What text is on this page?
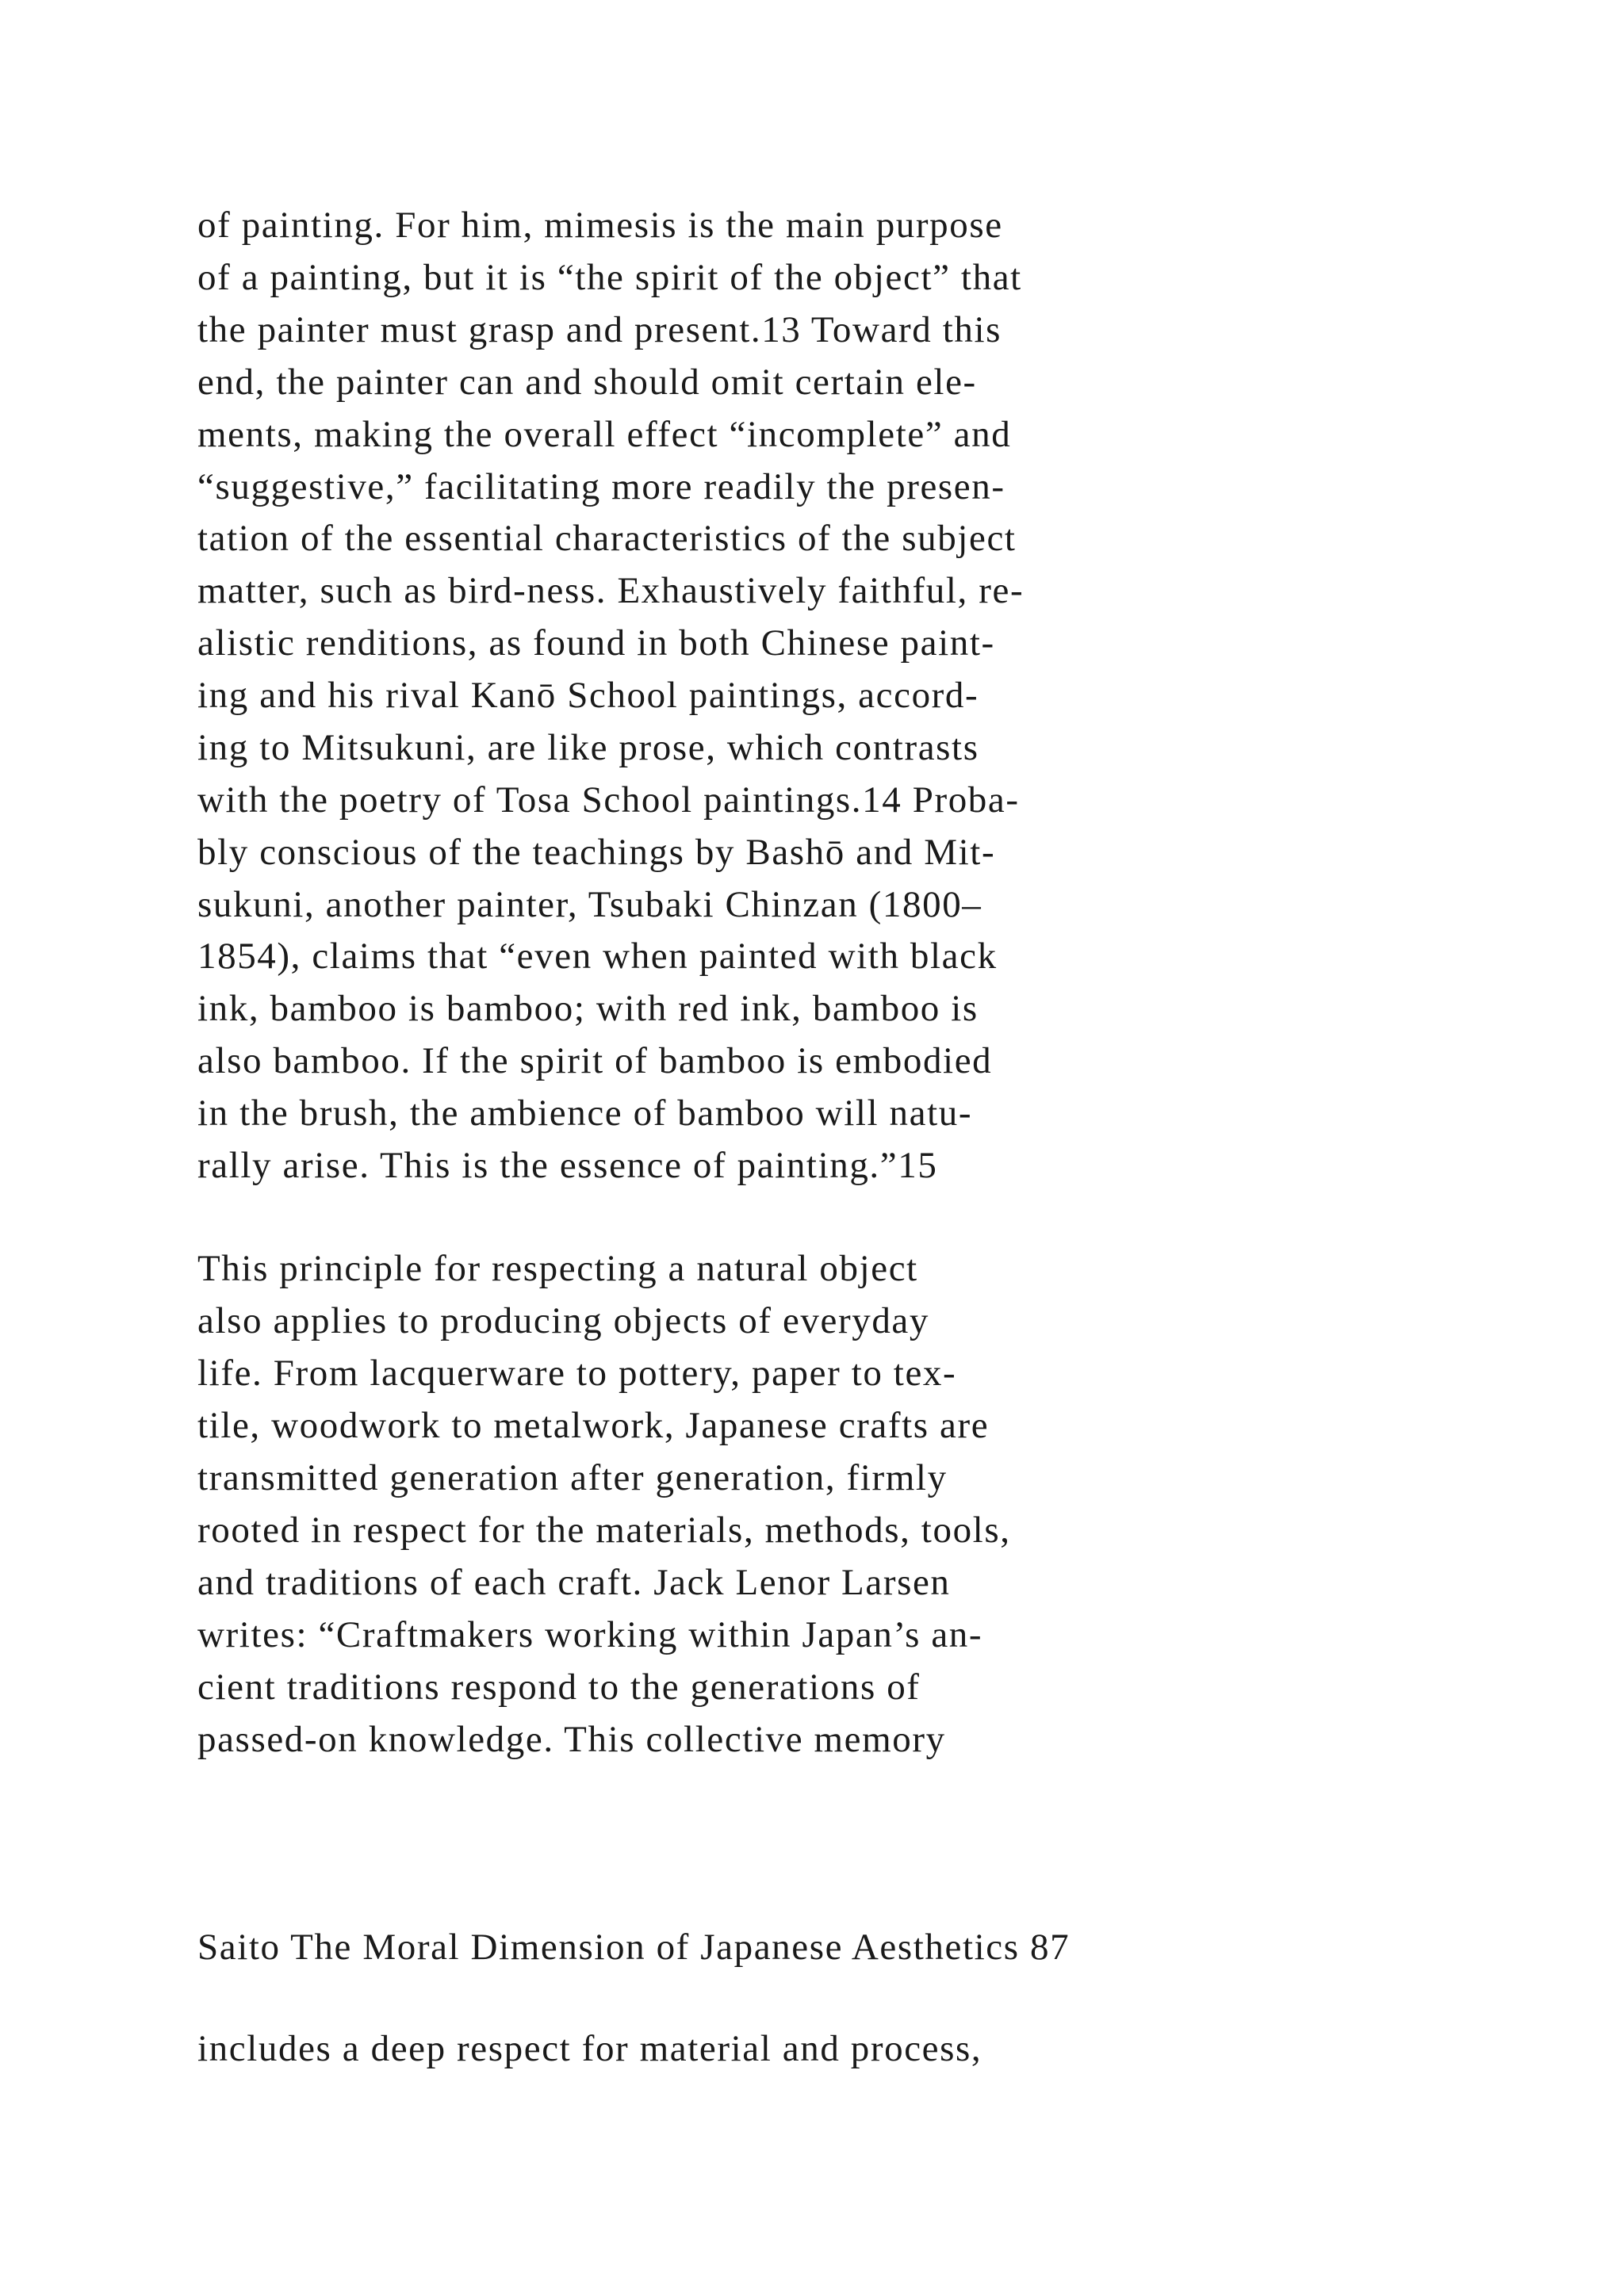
of painting. For him, mimesis is the main purpose
of a painting, but it is “the spirit of the object” that
the painter must grasp and present.13 Toward this
end, the painter can and should omit certain ele-
ments, making the overall effect “incomplete” and
“suggestive,” facilitating more readily the presen-
tation of the essential characteristics of the subject
matter, such as bird-ness. Exhaustively faithful, re-
alistic renditions, as found in both Chinese paint-
ing and his rival Kanō School paintings, accord-
ing to Mitsukuni, are like prose, which contrasts
with the poetry of Tosa School paintings.14 Proba-
bly conscious of the teachings by Bashō and Mit-
sukuni, another painter, Tsubaki Chinzan (1800–
1854), claims that “even when painted with black
ink, bamboo is bamboo; with red ink, bamboo is
also bamboo. If the spirit of bamboo is embodied
in the brush, the ambience of bamboo will natu-
rally arise. This is the essence of painting.”15
This principle for respecting a natural object
also applies to producing objects of everyday
life. From lacquerware to pottery, paper to tex-
tile, woodwork to metalwork, Japanese crafts are
transmitted generation after generation, firmly
rooted in respect for the materials, methods, tools,
and traditions of each craft. Jack Lenor Larsen
writes: “Craftmakers working within Japan’s an-
cient traditions respond to the generations of
passed-on knowledge. This collective memory
Saito The Moral Dimension of Japanese Aesthetics 87
includes a deep respect for material and process,
